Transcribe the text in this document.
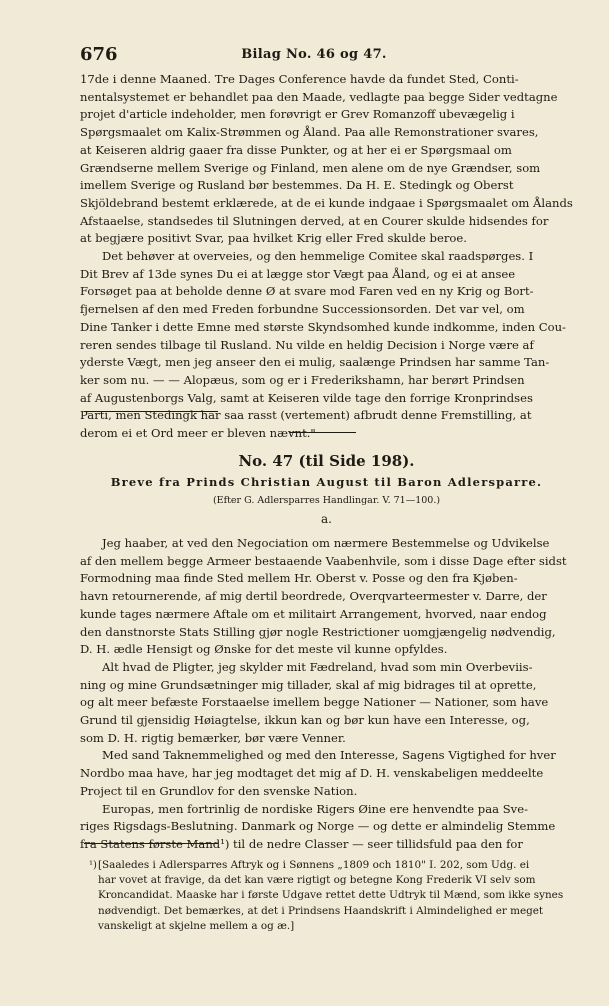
676	Bilag No. 46 og 47.

17de i denne Maaned. Tre Dages Conference havde da fundet Sted, Conti-
nentalsystemet er behandlet paa den Maade, vedlagte paa begge Sider vedtagne
projet d'article indeholder, men forøvrigt er Grev Romanzoff ubevægelig i
Spørgsmaalet om Kalix-Strømmen og Åland. Paa alle Remonstrationer svares,
at Keiseren aldrig gaaer fra disse Punkter, og at her ei er Spørgsmaal om
Grændserne mellem Sverige og Finland, men alene om de nye Grændser, som
imellem Sverige og Rusland bør bestemmes. Da H. E. Stedingk og Oberst
Skjöldebrand bestemt erklærede, at de ei kunde indgaae i Spørgsmaalet om Ålands
Afstaaelse, standsedes til Slutningen derved, at en Courer skulde hidsendes for
at begjære positivt Svar, paa hvilket Krig eller Fred skulde beroe.

Det behøver at overveies, og den hemmelige Comitee skal raadspørges. I
Dit Brev af 13de synes Du ei at lægge stor Vægt paa Åland, og ei at ansee
Forsøget paa at beholde denne Ø at svare mod Faren ved en ny Krig og Bort-
fjernelsen af den med Freden forbundne Successionsorden. Det var vel, om
Dine Tanker i dette Emne med største Skyndsomhed kunde indkomme, inden Cou-
reren sendes tilbage til Rusland. Nu vilde en heldig Decision i Norge være af
yderste Vægt, men jeg anseer den ei mulig, saalænge Prindsen har samme Tan-
ker som nu. — — Alopæus, som og er i Frederikshamn, har berørt Prindsen
af Augustenborgs Valg, samt at Keiseren vilde tage den forrige Kronprindses
Parti, men Stedingk har saa rasst (vertement) afbrudt denne Fremstilling, at
derom ei et Ord meer er bleven nævnt."

No. 47 (til Side 198).
Breve fra Prinds Christian August til Baron Adlersparre.
(Efter G. Adlersparres Handlingar. V. 71—100.)
a.

Jeg haaber, at ved den Negociation om nærmere Bestemmelse og Udvikelse
af den mellem begge Armeer bestaaende Vaabenhvile, som i disse Dage efter sidst
Formodning maa finde Sted mellem Hr. Oberst v. Posse og den fra Kjøben-
havn retournerende, af mig dertil beordrede, Overqvarteermester v. Darre, der
kunde tages nærmere Aftale om et militairt Arrangement, hvorved, naar endog
den danstnorste Stats Stilling gjør nogle Restrictioner uomgjængelig nødvendig,
D. H. ædle Hensigt og Ønske for det meste vil kunne opfyldes.

Alt hvad de Pligter, jeg skylder mit Fædreland, hvad som min Overbeviis-
ning og mine Grundsætninger mig tillader, skal af mig bidrages til at oprette,
og alt meer befæste Forstaaelse imellem begge Nationer — Nationer, som have
Grund til gjensidig Høiagtelse, ikkun kan og bør kun have een Interesse, og,
som D. H. rigtig bemærker, bør være Venner.

Med sand Taknemmelighed og med den Interesse, Sagens Vigtighed for hver
Nordbo maa have, har jeg modtaget det mig af D. H. venskabeligen meddeelte
Project til en Grundlov for den svenske Nation.

Europas, men fortrinlig de nordiske Rigers Øine ere henvendte paa Sve-
riges Rigsdags-Beslutning. Danmark og Norge — og dette er almindelig Stemme
fra Statens første Mand¹) til de nedre Classer — seer tillidsfuld paa den for

¹) [Saaledes i Adlersparres Aftryk og i Sønnens „1809 och 1810" I. 202, som Udg. ei
har vovet at fravige, da det kan være rigtigt og betegne Kong Frederik VI selv som
Kroncandidat. Maaske har i første Udgave rettet dette Udtryk til Mænd, som ikke synes
nødvendigt. Det bemærkes, at det i Prindsens Haandskrift i Almindelighed er meget
vanskeligt at skjelne mellem a og æ.]
